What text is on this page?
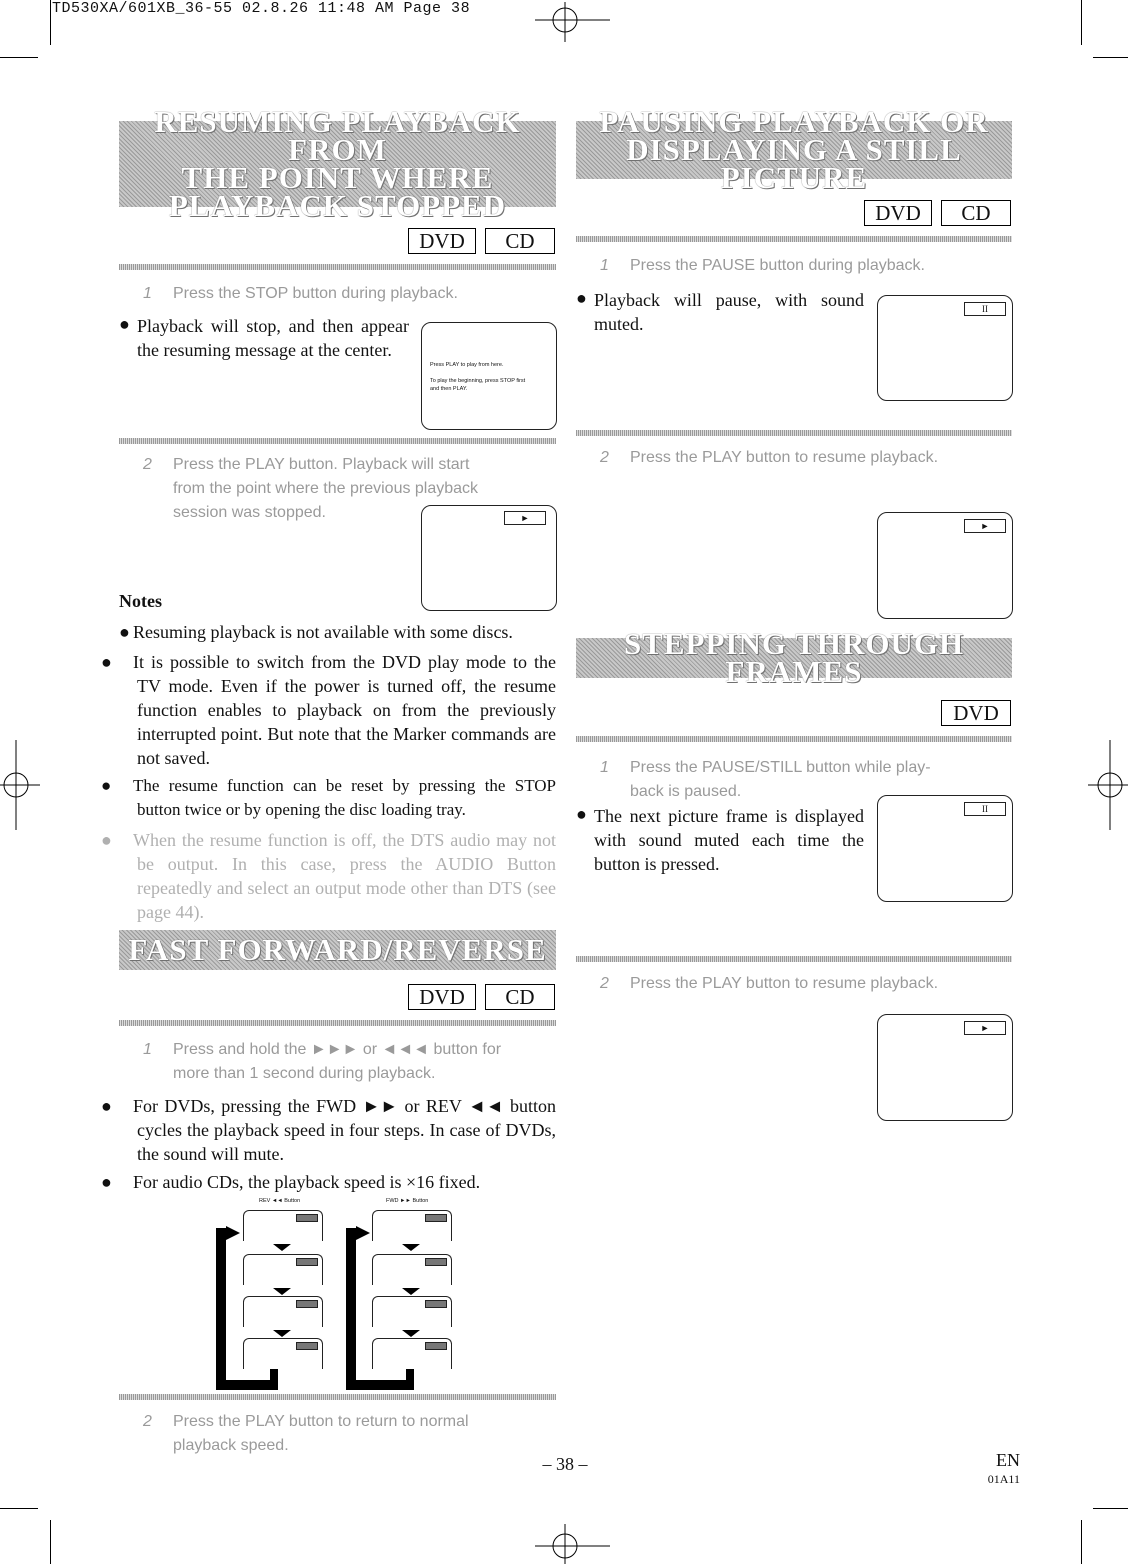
TD530XA/601XB_36-55 02.8.26 11:48 AM Page 38
RESUMING PLAYBACK FROM
THE POINT WHERE
PLAYBACK STOPPED
DVD	CD
1 Press the STOP button during playback.
● Playback will stop, and then appear the resuming message at the center.
Press PLAY to play from here.
To play the beginning, press STOP first
and then PLAY.
2 Press the PLAY button. Playback will start
from the point where the previous playback
session was stopped.	►
Notes
● Resuming playback is not available with some discs.
● It is possible to switch from the DVD play mode to the TV mode. Even if the power is turned off, the resume function enables to playback on from the previously interrupted point. But note that the Marker commands are not saved.
● The resume function can be reset by pressing the STOP button twice or by opening the disc loading tray.
● When the resume function is off, the DTS audio may not be output. In this case, press the AUDIO Button repeatedly and select an output mode other than DTS (see page 44).
FAST FORWARD/REVERSE
DVD	CD
1 Press and hold the ►►► or ◄◄◄ button for
more than 1 second during playback.
● For DVDs, pressing the FWD ►► or REV ◄◄ button cycles the playback speed in four steps. In case of DVDs, the sound will mute.
● For audio CDs, the playback speed is ×16 fixed.
REV ◄◄ Button	FWD ►► Button
2 Press the PLAY button to return to normal
playback speed.
PAUSING PLAYBACK OR
DISPLAYING A STILL PICTURE
DVD	CD
1 Press the PAUSE button during playback.
● Playback will pause, with sound muted.
II
2 Press the PLAY button to resume playback.
►
STEPPING THROUGH FRAMES
DVD
1 Press the PAUSE/STILL button while play-
back is paused.
● The next picture frame is displayed with sound muted each time the button is pressed.
II
2 Press the PLAY button to resume playback.
►
– 38 –	EN
01A11
